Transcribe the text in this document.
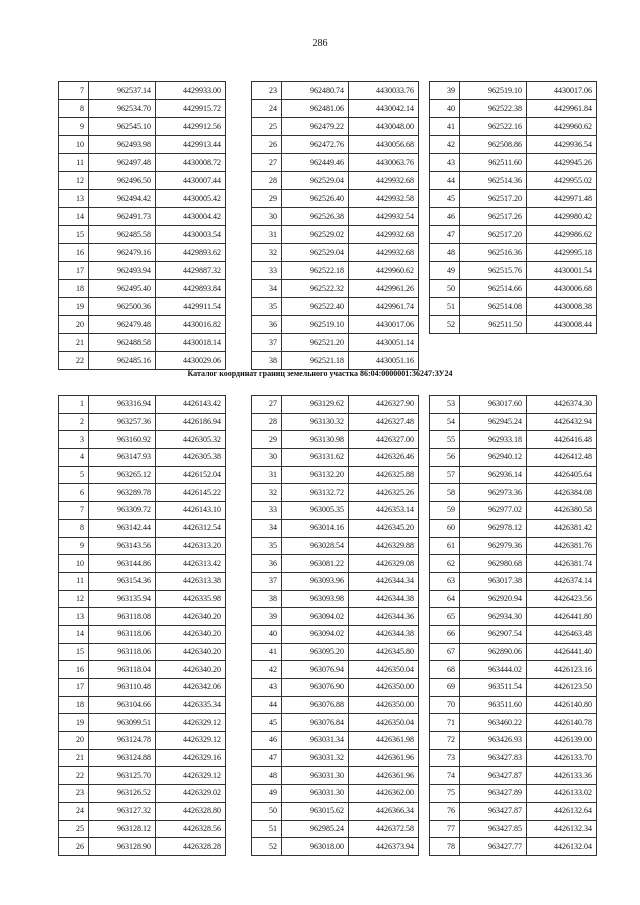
286
7	962537.14	4429933.00
8	962534.70	4429915.72
9	962545.10	4429912.56
10	962493.98	4429913.44
11	962497.48	4430008.72
12	962496.50	4430007.44
13	962494.42	4430005.42
14	962491.73	4430004.42
15	962485.58	4430003.54
16	962479.16	4429893.62
17	962493.94	4429887.32
18	962495.40	4429893.84
19	962500.36	4429911.54
20	962479.48	4430016.82
21	962488.58	4430018.14
22	962485.16	4430029.06
23	962480.74	4430033.76
24	962481.06	4430042.14
25	962479.22	4430048.00
26	962472.76	4430056.68
27	962449.46	4430063.76
28	962529.04	4429932.68
29	962526.40	4429932.58
30	962526.38	4429932.54
31	962529.02	4429932.68
32	962529.04	4429932.68
33	962522.18	4429960.62
34	962522.32	4429961.26
35	962522.40	4429961.74
36	962519.10	4430017.06
37	962521.20	4430051.14
38	962521.18	4430051.16
39	962519.10	4430017.06
40	962522.38	4429961.84
41	962522.16	4429960.62
42	962508.86	4429936.54
43	962511.60	4429945.26
44	962514.36	4429955.02
45	962517.20	4429971.48
46	962517.26	4429980.42
47	962517.20	4429986.62
48	962516.36	4429995.18
49	962515.76	4430001.54
50	962514.66	4430006.68
51	962514.08	4430008.38
52	962511.50	4430008.44
Каталог координат границ земельного участка 86:04:0000001:36247:ЗУ24
1	963316.94	4426143.42
2	963257.36	4426186.94
3	963160.92	4426305.32
4	963147.93	4426305.38
5	963265.12	4426152.04
6	963289.78	4426145.22
7	963309.72	4426143.10
8	963142.44	4426312.54
9	963143.56	4426313.20
10	963144.86	4426313.42
11	963154.36	4426313.38
12	963135.94	4426335.98
13	963118.08	4426340.20
14	963118.06	4426340.20
15	963118.06	4426340.20
16	963118.04	4426340.20
17	963110.48	4426342.06
18	963104.66	4426335.34
19	963099.51	4426329.12
20	963124.78	4426329.12
21	963124.88	4426329.16
22	963125.70	4426329.12
23	963126.52	4426329.02
24	963127.32	4426328.80
25	963128.12	4426328.56
26	963128.90	4426328.28
27	963129.62	4426327.90
28	963130.32	4426327.48
29	963130.98	4426327.00
30	963131.62	4426326.46
31	963132.20	4426325.88
32	963132.72	4426325.26
33	963005.35	4426353.14
34	963014.16	4426345.20
35	963028.54	4426329.88
36	963081.22	4426329.08
37	963093.96	4426344.34
38	963093.98	4426344.38
39	963094.02	4426344.36
40	963094.02	4426344.38
41	963095.20	4426345.80
42	963076.94	4426350.04
43	963076.90	4426350.00
44	963076.88	4426350.00
45	963076.84	4426350.04
46	963031.34	4426361.98
47	963031.32	4426361.96
48	963031.30	4426361.96
49	963031.30	4426362.00
50	963015.62	4426366.34
51	962985.24	4426372.58
52	963018.00	4426373.94
53	963017.60	4426374.30
54	962945.24	4426432.94
55	962933.18	4426416.48
56	962940.12	4426412.48
57	962936.14	4426405.64
58	962973.36	4426384.08
59	962977.02	4426380.58
60	962978.12	4426381.42
61	962979.36	4426381.76
62	962980.68	4426381.74
63	963017.38	4426374.14
64	962920.94	4426423.56
65	962934.30	4426441.80
66	962907.54	4426463.48
67	962890.06	4426441.40
68	963444.02	4426123.16
69	963511.54	4426123.50
70	963511.60	4426140.80
71	963460.22	4426140.78
72	963426.93	4426139.00
73	963427.83	4426133.70
74	963427.87	4426133.36
75	963427.89	4426133.02
76	963427.87	4426132.64
77	963427.85	4426132.34
78	963427.77	4426132.04
